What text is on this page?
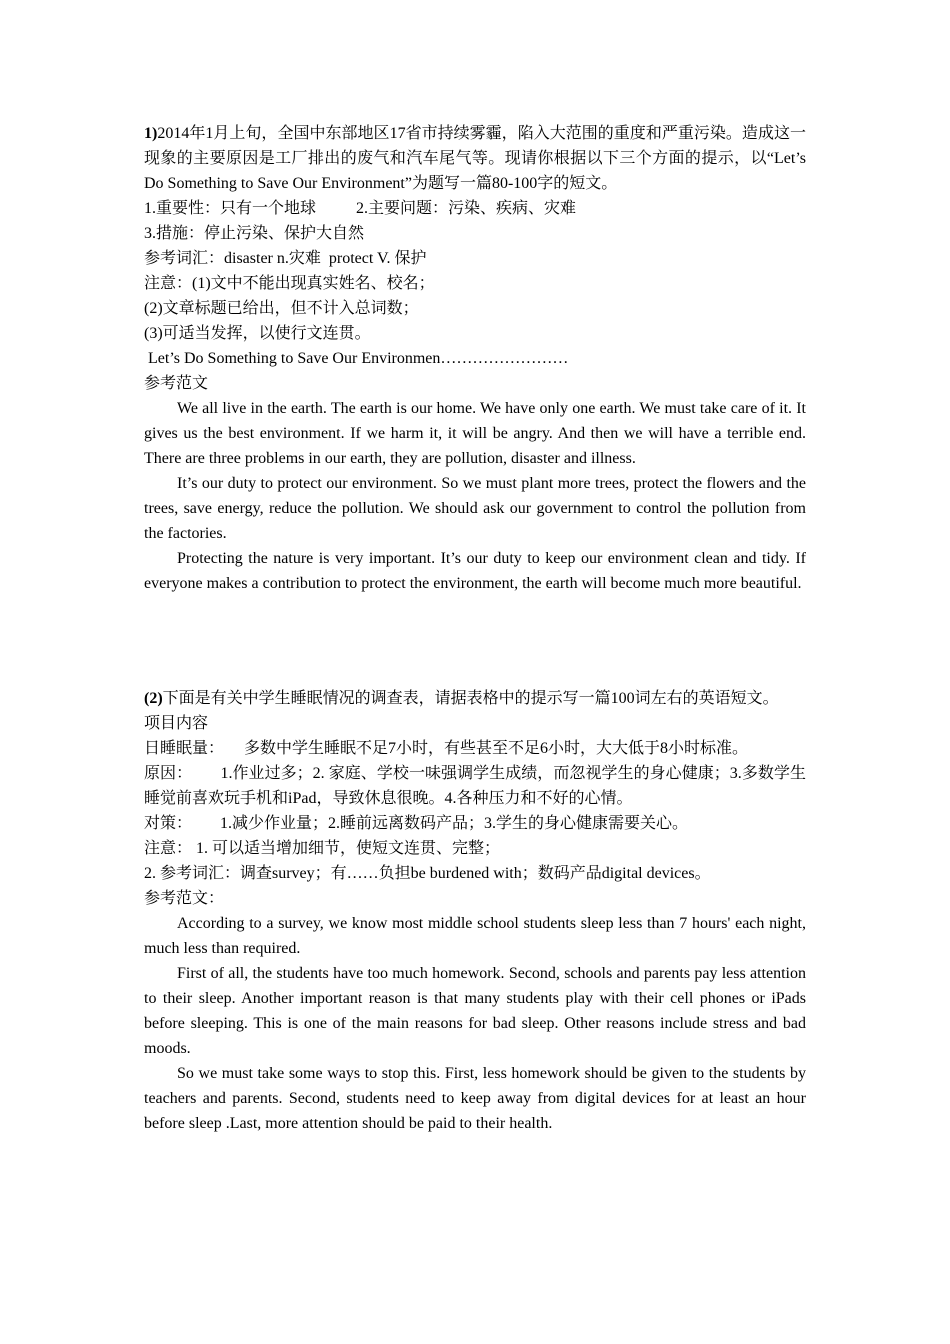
1)2014年1月上旬，全国中东部地区17省市持续雾霾，陷入大范围的重度和严重污染。造成这一现象的主要原因是工厂排出的废气和汽车尾气等。现请你根据以下三个方面的提示，以“Let’s Do Something to Save Our Environment”为题写一篇80-100字的短文。

1.重要性：只有一个地球          2.主要问题：污染、疾病、灾难

3.措施：停止污染、保护大自然

参考词汇：disaster n.灾难  protect V. 保护

注意：(1)文中不能出现真实姓名、校名；

(2)文章标题已给出，但不计入总词数；

(3)可适当发挥，以使行文连贯。

Let’s Do Something to Save Our Environmen……………………

参考范文

We all live in the earth. The earth is our home. We have only one earth. We must take care of it. It gives us the best environment. If we harm it, it will be angry. And then we will have a terrible end. There are three problems in our earth, they are pollution, disaster and illness.

It’s our duty to protect our environment. So we must plant more trees, protect the flowers and the trees, save energy, reduce the pollution. We should ask our government to control the pollution from the factories.

Protecting the nature is very important. It’s our duty to keep our environment clean and tidy. If everyone makes a contribution to protect the environment, the earth will become much more beautiful.

(2)下面是有关中学生睡眠情况的调查表，请据表格中的提示写一篇100词左右的英语短文。

项目内容

日睡眠量：     多数中学生睡眠不足7小时，有些甚至不足6小时，大大低于8小时标准。

原因：       1.作业过多；2. 家庭、学校一味强调学生成绩，而忽视学生的身心健康；3.多数学生睡觉前喜欢玩手机和iPad，导致休息很晚。4.各种压力和不好的心情。

对策：       1.减少作业量；2.睡前远离数码产品；3.学生的身心健康需要关心。

注意： 1. 可以适当增加细节，使短文连贯、完整；

2. 参考词汇：调查survey；有……负担be burdened with；数码产品digital devices。

参考范文：

According to a survey, we know most middle school students sleep less than 7 hours' each night, much less than required.

First of all, the students have too much homework. Second, schools and parents pay less attention to their sleep. Another important reason is that many students play with their cell phones or iPads before sleeping. This is one of the main reasons for bad sleep. Other reasons include stress and bad moods.

So we must take some ways to stop this. First, less homework should be given to the students by teachers and parents. Second, students need to keep away from digital devices for at least an hour before sleep .Last, more attention should be paid to their health.
